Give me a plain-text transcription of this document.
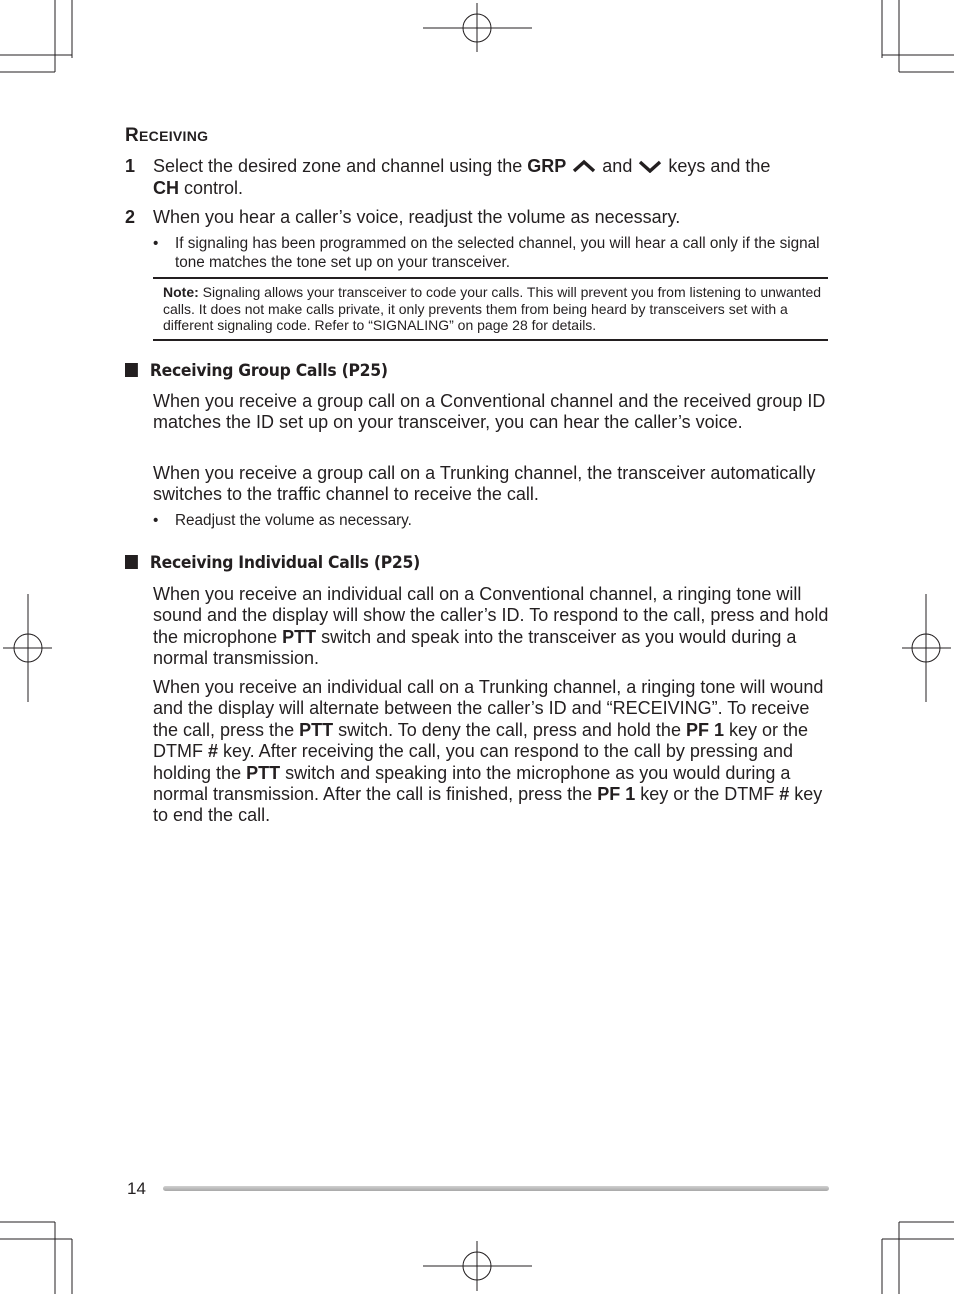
RECEIVING
1 Select the desired zone and channel using the GRP  and  keys and the
CH control.
2 When you hear a caller’s voice, readjust the volume as necessary.
• If signaling has been programmed on the selected channel, you will hear a call only if the signal tone matches the tone set up on your transceiver.

Note: Signaling allows your transceiver to code your calls. This will prevent you from listening to unwanted calls. It does not make calls private, it only prevents them from being heard by transceivers set with a different signaling code. Refer to “SIGNALING” on page 28 for details.

Receiving Group Calls (P25)

When you receive a group call on a Conventional channel and the received group ID matches the ID set up on your transceiver, you can hear the caller’s voice.

When you receive a group call on a Trunking channel, the transceiver automatically switches to the traffic channel to receive the call.

• Readjust the volume as necessary.
Receiving Individual Calls (P25)

When you receive an individual call on a Conventional channel, a ringing tone will sound and the display will show the caller’s ID. To respond to the call, press and hold the microphone PTT switch and speak into the transceiver as you would during a normal transmission.

When you receive an individual call on a Trunking channel, a ringing tone will wound and the display will alternate between the caller’s ID and “RECEIVING”. To receive the call, press the PTT switch. To deny the call, press and hold the PF 1 key or the DTMF # key. After receiving the call, you can respond to the call by pressing and holding the PTT switch and speaking into the microphone as you would during a normal transmission. After the call is finished, press the PF 1 key or the DTMF # key to end the call.

14
